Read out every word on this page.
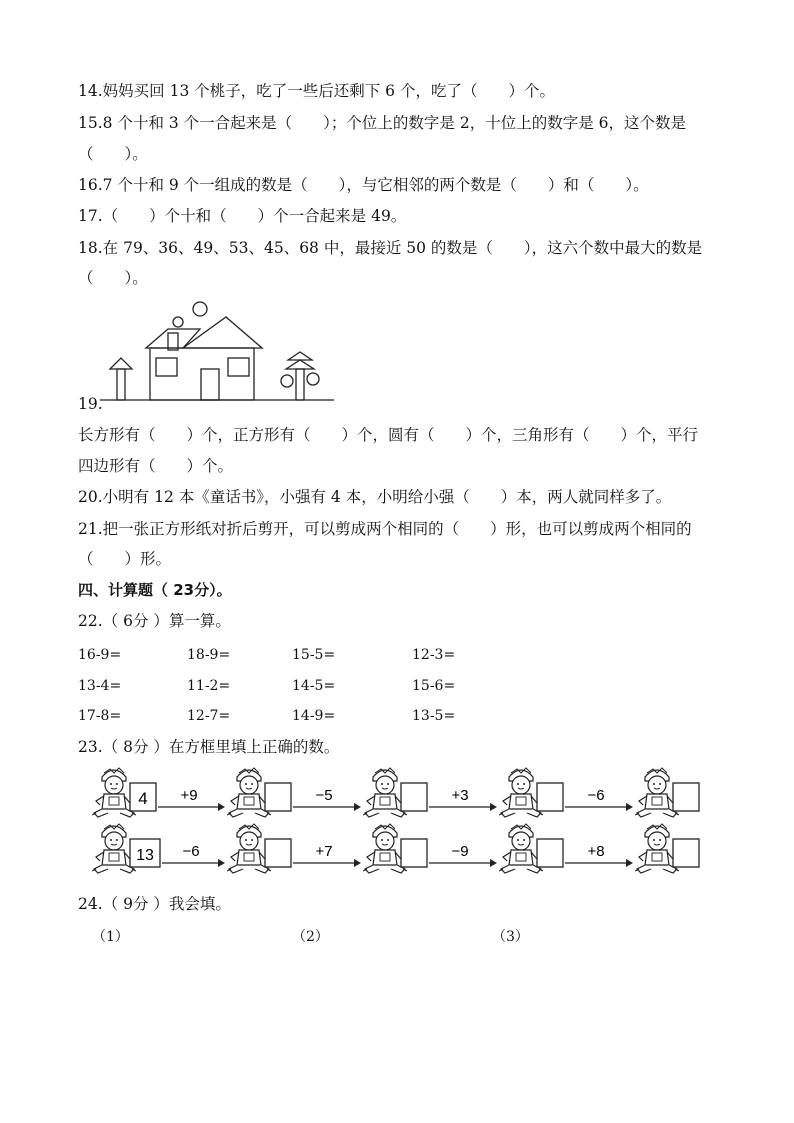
14.妈妈买回 13 个桃子，吃了一些后还剩下 6 个，吃了（　　）个。
15.8 个十和 3 个一合起来是（　　）；个位上的数字是 2，十位上的数字是 6，这个数是
（　　）。
16.7 个十和 9 个一组成的数是（　　），与它相邻的两个数是（　　）和（　　）。
17.（　　）个十和（　　）个一合起来是 49。
18.在 79、36、49、53、45、68 中，最接近 50 的数是（　　），这六个数中最大的数是
（　　）。
19.
长方形有（　　）个，正方形有（　　）个，圆有（　　）个，三角形有（　　）个，平行
四边形有（　　）个。
20.小明有 12 本《童话书》，小强有 4 本，小明给小强（　　）本，两人就同样多了。
21.把一张正方形纸对折后剪开，可以剪成两个相同的（　　）形，也可以剪成两个相同的
（　　）形。
四、计算题（ 23分）。
22.（ 6分 ）算一算。
16-9=	18-9=	15-5=	12-3=
13-4=	11-2=	14-5=	15-6=
17-8=	12-7=	14-9=	13-5=
23.（ 8分 ）在方框里填上正确的数。
4 +9	−5	+3	−6
13 −6	+7	−9	+8
24.（ 9分 ）我会填。
（1）	（2）	（3）
